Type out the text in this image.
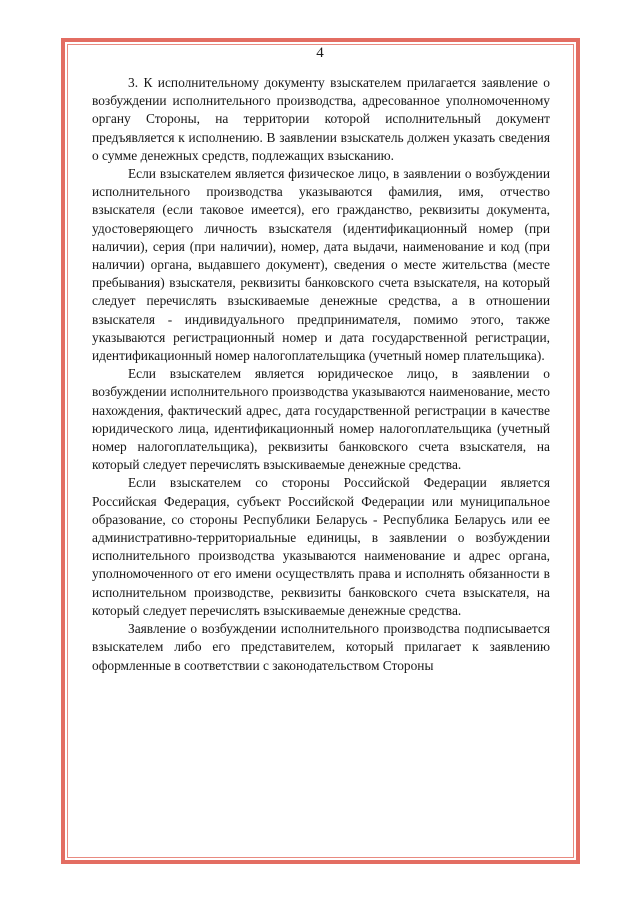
4

3. К исполнительному документу взыскателем прилагается заявление о возбуждении исполнительного производства, адресованное уполномоченному органу Стороны, на территории которой исполнительный документ предъявляется к исполнению. В заявлении взыскатель должен указать сведения о сумме денежных средств, подлежащих взысканию.

Если взыскателем является физическое лицо, в заявлении о возбуждении исполнительного производства указываются фамилия, имя, отчество взыскателя (если таковое имеется), его гражданство, реквизиты документа, удостоверяющего личность взыскателя (идентификационный номер (при наличии), серия (при наличии), номер, дата выдачи, наименование и код (при наличии) органа, выдавшего документ), сведения о месте жительства (месте пребывания) взыскателя, реквизиты банковского счета взыскателя, на который следует перечислять взыскиваемые денежные средства, а в отношении взыскателя - индивидуального предпринимателя, помимо этого, также указываются регистрационный номер и дата государственной регистрации, идентификационный номер налогоплательщика (учетный номер плательщика).

Если взыскателем является юридическое лицо, в заявлении о возбуждении исполнительного производства указываются наименование, место нахождения, фактический адрес, дата государственной регистрации в качестве юридического лица, идентификационный номер налогоплательщика (учетный номер налогоплательщика), реквизиты банковского счета взыскателя, на который следует перечислять взыскиваемые денежные средства.

Если взыскателем со стороны Российской Федерации является Российская Федерация, субъект Российской Федерации или муниципальное образование, со стороны Республики Беларусь - Республика Беларусь или ее административно-территориальные единицы, в заявлении о возбуждении исполнительного производства указываются наименование и адрес органа, уполномоченного от его имени осуществлять права и исполнять обязанности в исполнительном производстве, реквизиты банковского счета взыскателя, на который следует перечислять взыскиваемые денежные средства.

Заявление о возбуждении исполнительного производства подписывается взыскателем либо его представителем, который прилагает к заявлению оформленные в соответствии с законодательством Стороны
